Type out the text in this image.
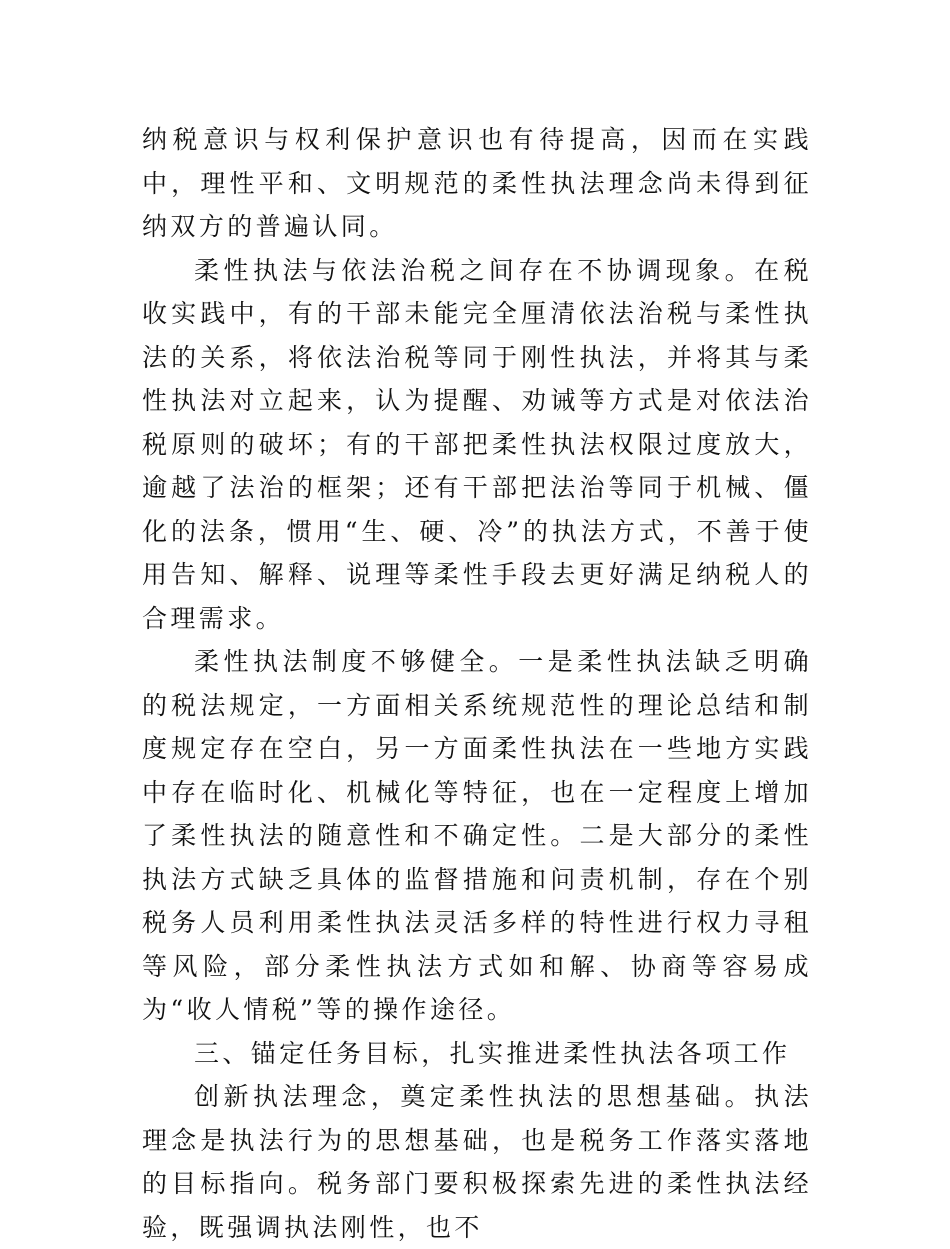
纳税意识与权利保护意识也有待提高，因而在实践中，理性平和、文明规范的柔性执法理念尚未得到征纳双方的普遍认同。

柔性执法与依法治税之间存在不协调现象。在税收实践中，有的干部未能完全厘清依法治税与柔性执法的关系，将依法治税等同于刚性执法，并将其与柔性执法对立起来，认为提醒、劝诫等方式是对依法治税原则的破坏；有的干部把柔性执法权限过度放大，逾越了法治的框架；还有干部把法治等同于机械、僵化的法条，惯用“生、硬、冷”的执法方式，不善于使用告知、解释、说理等柔性手段去更好满足纳税人的合理需求。

柔性执法制度不够健全。一是柔性执法缺乏明确的税法规定，一方面相关系统规范性的理论总结和制度规定存在空白，另一方面柔性执法在一些地方实践中存在临时化、机械化等特征，也在一定程度上增加了柔性执法的随意性和不确定性。二是大部分的柔性执法方式缺乏具体的监督措施和问责机制，存在个别税务人员利用柔性执法灵活多样的特性进行权力寻租等风险，部分柔性执法方式如和解、协商等容易成为“收人情税”等的操作途径。

三、锚定任务目标，扎实推进柔性执法各项工作

创新执法理念，奠定柔性执法的思想基础。执法理念是执法行为的思想基础，也是税务工作落实落地的目标指向。税务部门要积极探索先进的柔性执法经验，既强调执法刚性，也不
